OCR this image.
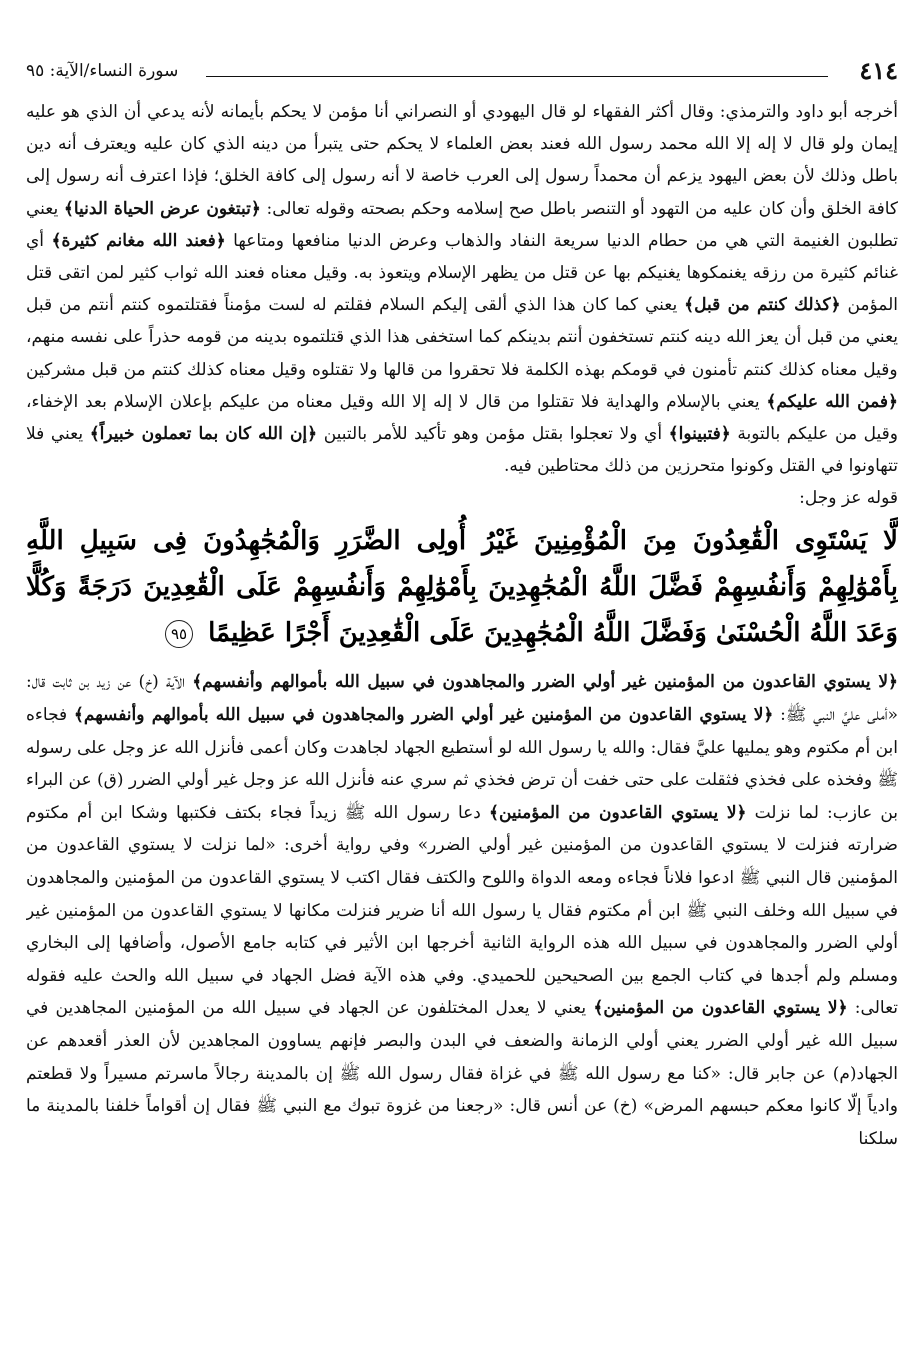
٤١٤
سورة النساء/الآية: ٩٥

أخرجه أبو داود والترمذي: وقال أكثر الفقهاء لو قال اليهودي أو النصراني أنا مؤمن لا يحكم بأيمانه لأنه يدعي أن الذي هو عليه إيمان ولو قال لا إله إلا الله محمد رسول الله فعند بعض العلماء لا يحكم حتى يتبرأ من دينه الذي كان عليه ويعترف أنه دين باطل وذلك لأن بعض اليهود يزعم أن محمداً رسول إلى العرب خاصة لا أنه رسول إلى كافة الخلق؛ فإذا اعترف أنه رسول إلى كافة الخلق وأن كان عليه من التهود أو التنصر باطل صح إسلامه وحكم بصحته وقوله تعالى: ﴿تبتغون عرض الحياة الدنيا﴾ يعني تطلبون الغنيمة التي هي من حطام الدنيا سريعة النفاد والذهاب وعرض الدنيا منافعها ومتاعها ﴿فعند الله مغانم كثيرة﴾ أي غنائم كثيرة من رزقه يغنمكوها يغنيكم بها عن قتل من يظهر الإسلام ويتعوذ به. وقيل معناه فعند الله ثواب كثير لمن اتقى قتل المؤمن ﴿كذلك كنتم من قبل﴾ يعني كما كان هذا الذي ألقى إليكم السلام فقلتم له لست مؤمناً فقتلتموه كنتم أنتم من قبل يعني من قبل أن يعز الله دينه كنتم تستخفون أنتم بدينكم كما استخفى هذا الذي قتلتموه بدينه من قومه حذراً على نفسه منهم، وقيل معناه كذلك كنتم تأمنون في قومكم بهذه الكلمة فلا تحقروا من قالها ولا تقتلوه وقيل معناه كذلك كنتم من قبل مشركين ﴿فمن الله عليكم﴾ يعني بالإسلام والهداية فلا تقتلوا من قال لا إله إلا الله وقيل معناه من عليكم بإعلان الإسلام بعد الإخفاء، وقيل من عليكم بالتوبة ﴿فتبينوا﴾ أي ولا تعجلوا بقتل مؤمن وهو تأكيد للأمر بالتبين ﴿إن الله كان بما تعملون خبيراً﴾ يعني فلا تتهاونوا في القتل وكونوا متحرزين من ذلك محتاطين فيه.

قوله عز وجل:

لَّا يَسْتَوِى الْقَٰعِدُونَ مِنَ الْمُؤْمِنِينَ غَيْرُ أُولِى الضَّرَرِ وَالْمُجَٰهِدُونَ فِى سَبِيلِ اللَّهِ بِأَمْوَٰلِهِمْ وَأَنفُسِهِمْ فَضَّلَ اللَّهُ الْمُجَٰهِدِينَ بِأَمْوَٰلِهِمْ وَأَنفُسِهِمْ عَلَى الْقَٰعِدِينَ دَرَجَةً وَكُلًّا وَعَدَ اللَّهُ الْحُسْنَىٰ وَفَضَّلَ اللَّهُ الْمُجَٰهِدِينَ عَلَى الْقَٰعِدِينَ أَجْرًا عَظِيمًا ٩٥

﴿لا يستوي القاعدون من المؤمنين غير أولي الضرر والمجاهدون في سبيل الله بأموالهم وأنفسهم﴾ الآية (خ) عن زيد بن ثابت قال: «أملى عليَّ النبي ﷺ: ﴿لا يستوي القاعدون من المؤمنين غير أولي الضرر والمجاهدون في سبيل الله بأموالهم وأنفسهم﴾ فجاءه ابن أم مكتوم وهو يمليها عليَّ فقال: والله يا رسول الله لو أستطيع الجهاد لجاهدت وكان أعمى فأنزل الله عز وجل على رسوله ﷺ وفخذه على فخذي فثقلت على حتى خفت أن ترض فخذي ثم سري عنه فأنزل الله عز وجل غير أولي الضرر (ق) عن البراء بن عازب: لما نزلت ﴿لا يستوي القاعدون من المؤمنين﴾ دعا رسول الله ﷺ زيداً فجاء بكتف فكتبها وشكا ابن أم مكتوم ضرارته فنزلت لا يستوي القاعدون من المؤمنين غير أولي الضرر» وفي رواية أخرى: «لما نزلت لا يستوي القاعدون من المؤمنين قال النبي ﷺ ادعوا فلاناً فجاءه ومعه الدواة واللوح والكتف فقال اكتب لا يستوي القاعدون من المؤمنين والمجاهدون في سبيل الله وخلف النبي ﷺ ابن أم مكتوم فقال يا رسول الله أنا ضرير فنزلت مكانها لا يستوي القاعدون من المؤمنين غير أولي الضرر والمجاهدون في سبيل الله هذه الرواية الثانية أخرجها ابن الأثير في كتابه جامع الأصول، وأضافها إلى البخاري ومسلم ولم أجدها في كتاب الجمع بين الصحيحين للحميدي. وفي هذه الآية فضل الجهاد في سبيل الله والحث عليه فقوله تعالى: ﴿لا يستوي القاعدون من المؤمنين﴾ يعني لا يعدل المختلفون عن الجهاد في سبيل الله من المؤمنين المجاهدين في سبيل الله غير أولي الضرر يعني أولي الزمانة والضعف في البدن والبصر فإنهم يساوون المجاهدين لأن العذر أقعدهم عن الجهاد(م) عن جابر قال: «كنا مع رسول الله ﷺ في غزاة فقال رسول الله ﷺ إن بالمدينة رجالاً ماسرتم مسيراً ولا قطعتم وادياً إلّا كانوا معكم حبسهم المرض» (خ) عن أنس قال: «رجعنا من غزوة تبوك مع النبي ﷺ فقال إن أقواماً خلفنا بالمدينة ما سلكنا
